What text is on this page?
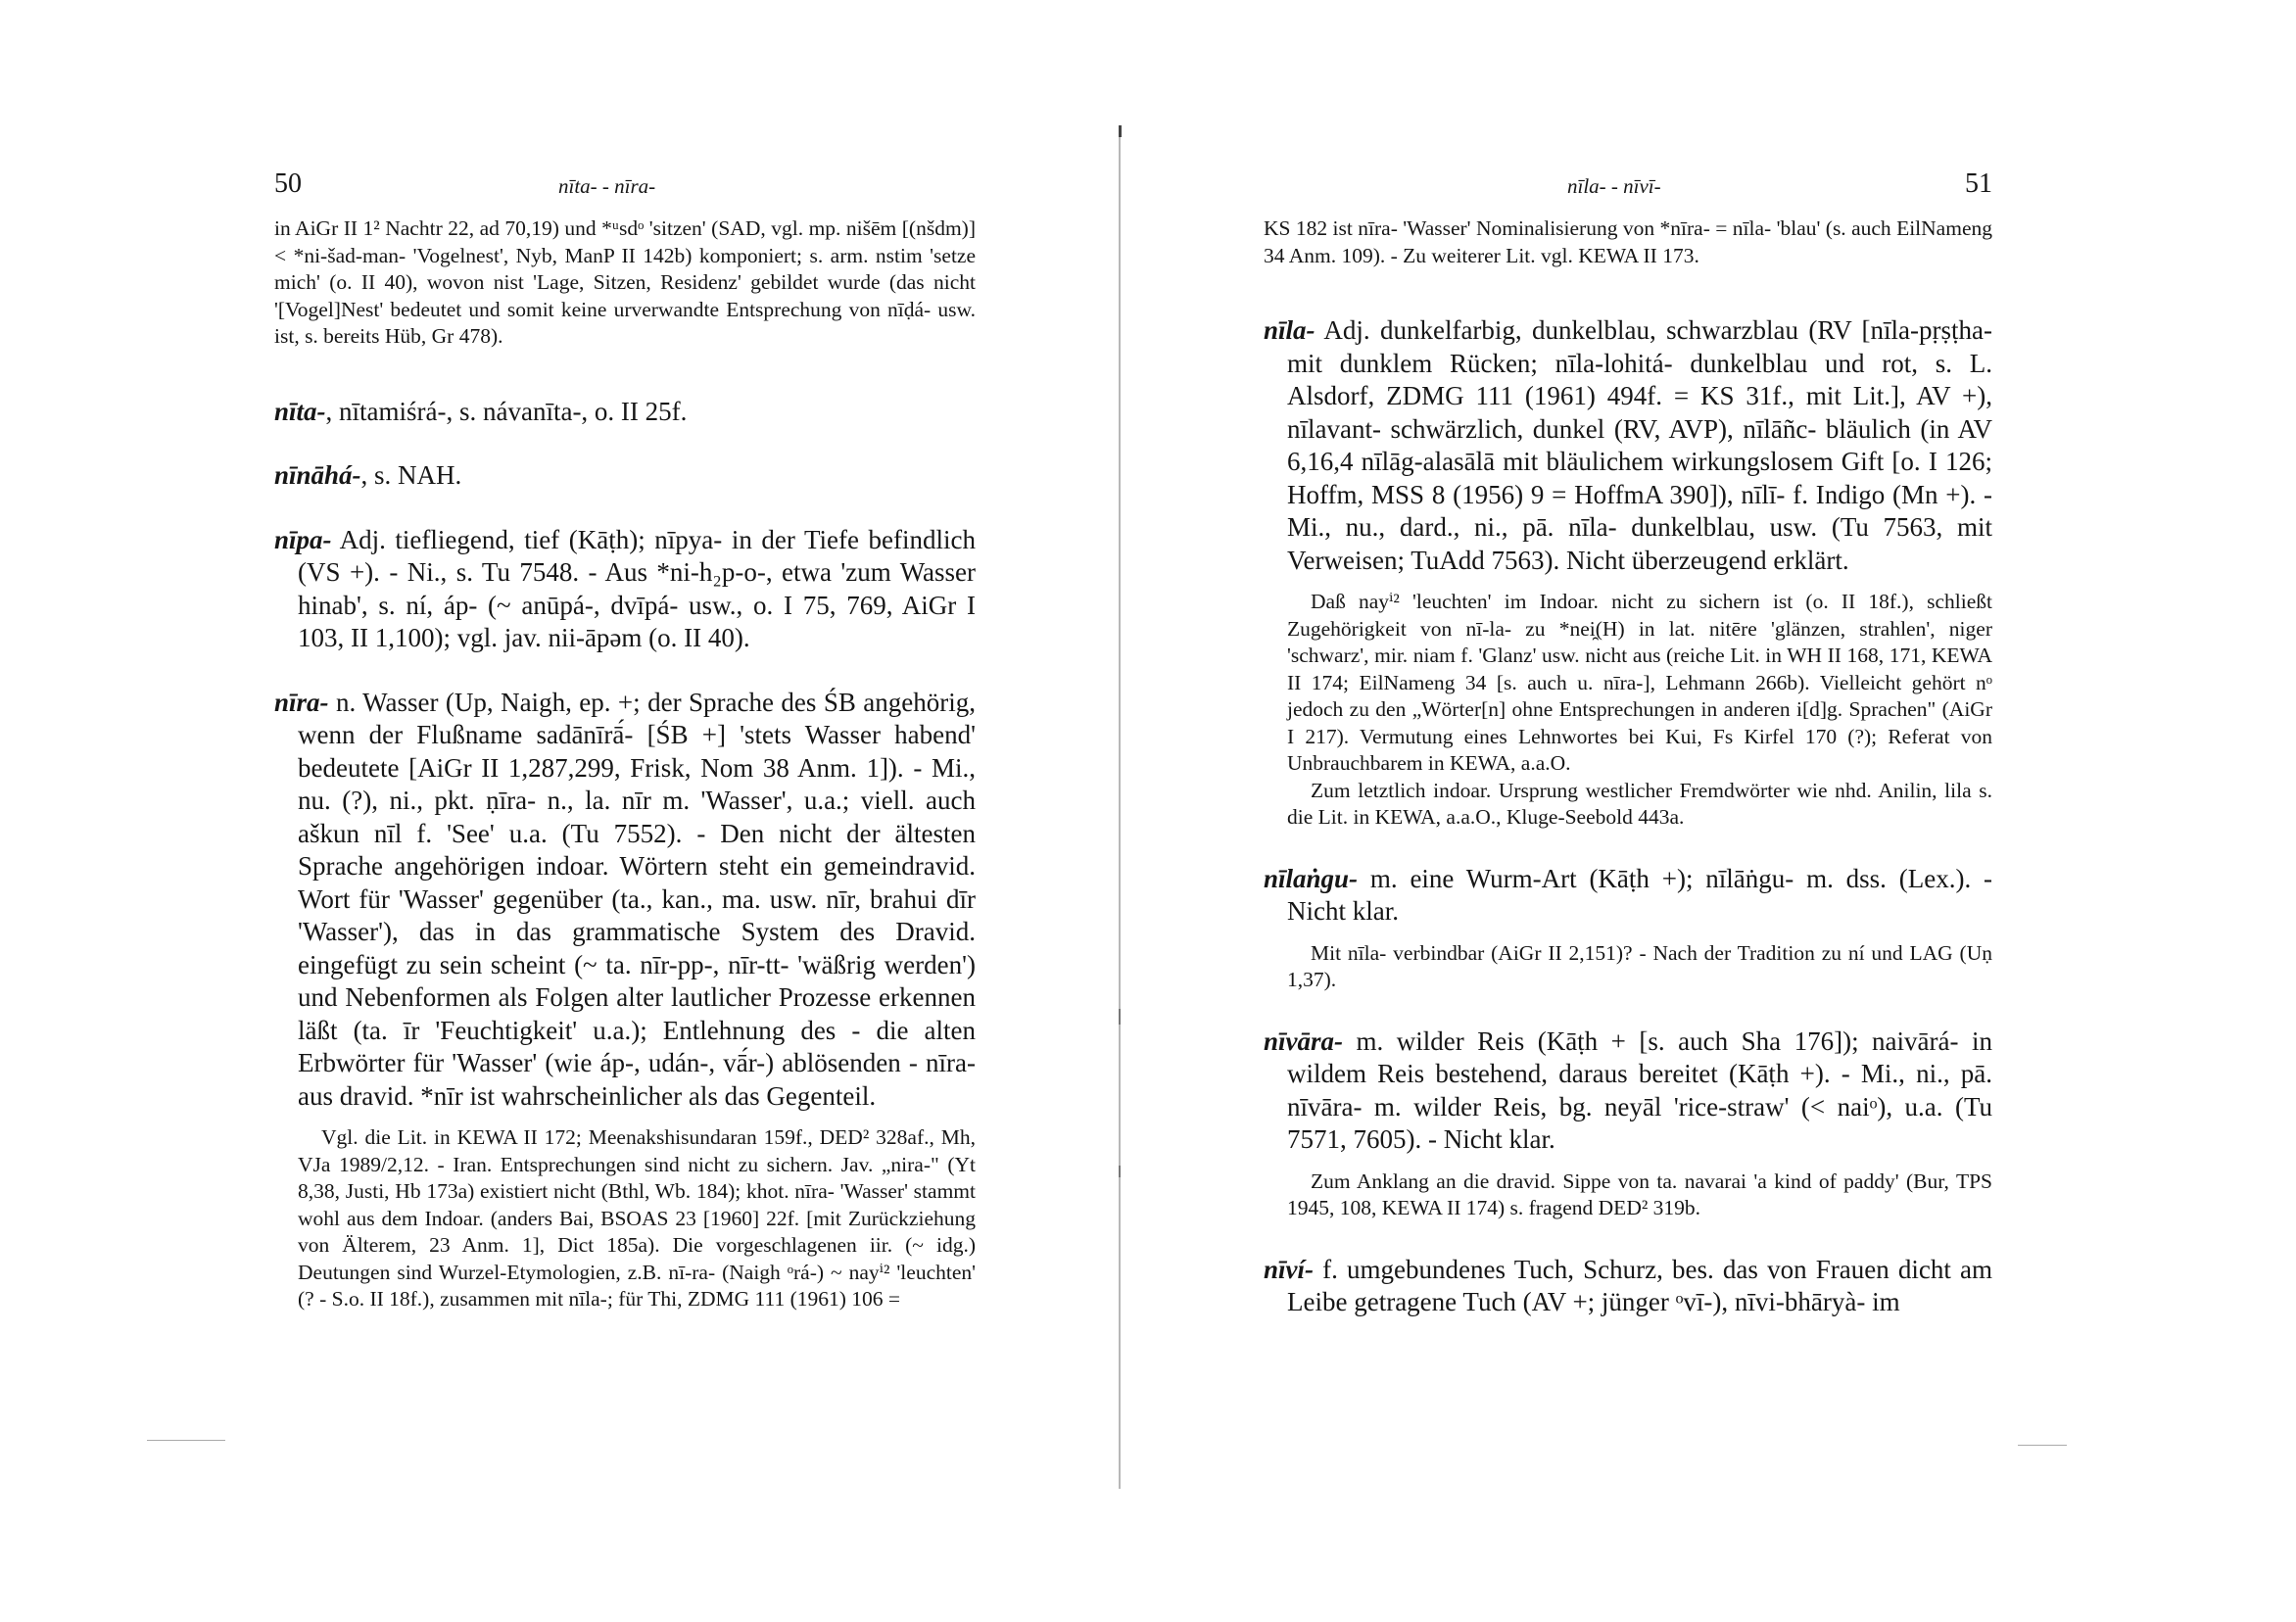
50	nīta- - nīra-

in AiGr II 1² Nachtr 22, ad 70,19) und *ᵘsdᵒ 'sitzen' (SAD, vgl. mp. nišēm [(nšdm)] < *ni-šad-man- 'Vogelnest', Nyb, ManP II 142b) komponiert; s. arm. nstim 'setze mich' (o. II 40), wovon nist 'Lage, Sitzen, Residenz' gebildet wurde (das nicht '[Vogel]Nest' bedeutet und somit keine urverwandte Entsprechung von nīḍá- usw. ist, s. bereits Hüb, Gr 478).

nīta-, nītamiśrá-, s. návanīta-, o. II 25f.

nīnāhá-, s. NAH.

nīpa- Adj. tiefliegend, tief (Kāṭh); nīpya- in der Tiefe befindlich (VS +). - Ni., s. Tu 7548. - Aus *ni-h₂p-o-, etwa 'zum Wasser hinab', s. ní, áp- (~ anūpá-, dvīpá- usw., o. I 75, 769, AiGr I 103, II 1,100); vgl. jav. nii-āpəm (o. II 40).

nīra- n. Wasser (Up, Naigh, ep. +; der Sprache des ŚB angehörig, wenn der Flußname sadānīrā́- [ŚB +] 'stets Wasser habend' bedeutete [AiGr II 1,287,299, Frisk, Nom 38 Anm. 1]). - Mi., nu. (?), ni., pkt. ṇīra- n., la. nīr m. 'Wasser', u.a.; viell. auch aškun nīl f. 'See' u.a. (Tu 7552). - Den nicht der ältesten Sprache angehörigen indoar. Wörtern steht ein gemeindravid. Wort für 'Wasser' gegenüber (ta., kan., ma. usw. nīr, brahui dīr 'Wasser'), das in das grammatische System des Dravid. eingefügt zu sein scheint (~ ta. nīr-pp-, nīr-tt- 'wäßrig werden') und Nebenformen als Folgen alter lautlicher Prozesse erkennen läßt (ta. īr 'Feuchtigkeit' u.a.); Entlehnung des - die alten Erbwörter für 'Wasser' (wie áp-, udán-, vā́r-) ablösenden - nīra- aus dravid. *nīr ist wahrscheinlicher als das Gegenteil.

Vgl. die Lit. in KEWA II 172; Meenakshisundaran 159f., DED² 328af., Mh, VJa 1989/2,12. - Iran. Entsprechungen sind nicht zu sichern. Jav. „nira-" (Yt 8,38, Justi, Hb 173a) existiert nicht (Bthl, Wb. 184); khot. nīra- 'Wasser' stammt wohl aus dem Indoar. (anders Bai, BSOAS 23 [1960] 22f. [mit Zurückziehung von Älterem, 23 Anm. 1], Dict 185a). Die vorgeschlagenen iir. (~ idg.) Deutungen sind Wurzel-Etymologien, z.B. nī-ra- (Naigh ᵒrá-) ~ nayⁱ² 'leuchten' (? - S.o. II 18f.), zusammen mit nīla-; für Thi, ZDMG 111 (1961) 106 =

nīla- - nīvī-	51

KS 182 ist nīra- 'Wasser' Nominalisierung von *nīra- = nīla- 'blau' (s. auch EilNameng 34 Anm. 109). - Zu weiterer Lit. vgl. KEWA II 173.

nīla- Adj. dunkelfarbig, dunkelblau, schwarzblau (RV [nīla-pṛṣṭha- mit dunklem Rücken; nīla-lohitá- dunkelblau und rot, s. L. Alsdorf, ZDMG 111 (1961) 494f. = KS 31f., mit Lit.], AV +), nīlavant- schwärzlich, dunkel (RV, AVP), nīlāñc- bläulich (in AV 6,16,4 nīlāg-alasālā mit bläulichem wirkungslosem Gift [o. I 126; Hoffm, MSS 8 (1956) 9 = HoffmA 390]), nīlī- f. Indigo (Mn +). - Mi., nu., dard., ni., pā. nīla- dunkelblau, usw. (Tu 7563, mit Verweisen; TuAdd 7563). Nicht überzeugend erklärt.

Daß nayⁱ² 'leuchten' im Indoar. nicht zu sichern ist (o. II 18f.), schließt Zugehörigkeit von nī-la- zu *nei̯(H) in lat. nitēre 'glänzen, strahlen', niger 'schwarz', mir. niam f. 'Glanz' usw. nicht aus (reiche Lit. in WH II 168, 171, KEWA II 174; EilNameng 34 [s. auch u. nīra-], Lehmann 266b). Vielleicht gehört nᵒ jedoch zu den „Wörter[n] ohne Entsprechungen in anderen i[d]g. Sprachen" (AiGr I 217). Vermutung eines Lehnwortes bei Kui, Fs Kirfel 170 (?); Referat von Unbrauchbarem in KEWA, a.a.O.

Zum letztlich indoar. Ursprung westlicher Fremdwörter wie nhd. Anilin, lila s. die Lit. in KEWA, a.a.O., Kluge-Seebold 443a.

nīlaṅgu- m. eine Wurm-Art (Kāṭh +); nīlāṅgu- m. dss. (Lex.). - Nicht klar.

Mit nīla- verbindbar (AiGr II 2,151)? - Nach der Tradition zu ní und LAG (Uṇ 1,37).

nīvāra- m. wilder Reis (Kāṭh + [s. auch Sha 176]); naivārá- in wildem Reis bestehend, daraus bereitet (Kāṭh +). - Mi., ni., pā. nīvāra- m. wilder Reis, bg. neyāl 'rice-straw' (< naiᵒ), u.a. (Tu 7571, 7605). - Nicht klar.

Zum Anklang an die dravid. Sippe von ta. navarai 'a kind of paddy' (Bur, TPS 1945, 108, KEWA II 174) s. fragend DED² 319b.

nīví- f. umgebundenes Tuch, Schurz, bes. das von Frauen dicht am Leibe getragene Tuch (AV +; jünger ᵒvī-), nīvi-bhāryà- im
